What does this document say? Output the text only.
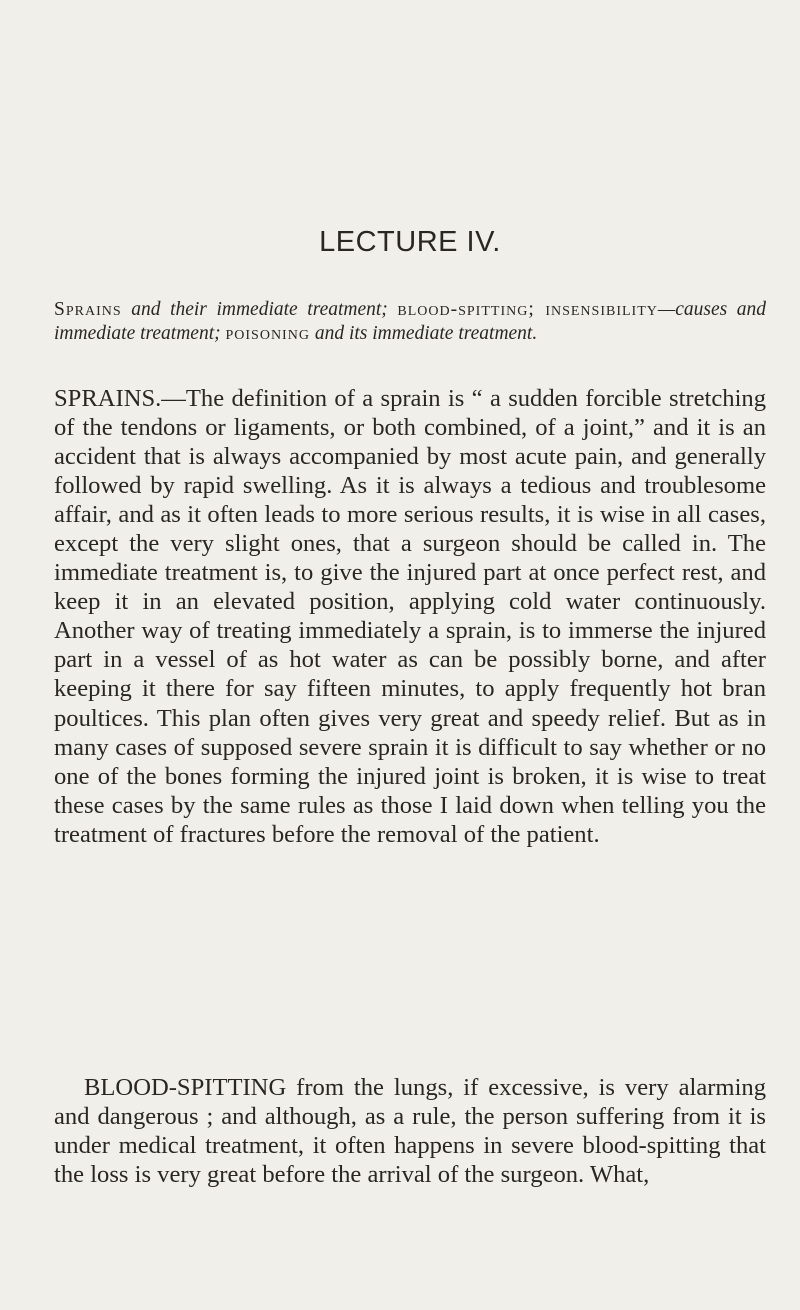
LECTURE IV.

Sprains and their immediate treatment; blood-spitting; insensibility—causes and immediate treatment; poisoning and its immediate treatment.

SPRAINS.—The definition of a sprain is “ a sudden forcible stretching of the tendons or ligaments, or both combined, of a joint,” and it is an accident that is always accompanied by most acute pain, and generally followed by rapid swelling. As it is always a tedious and troublesome affair, and as it often leads to more serious results, it is wise in all cases, except the very slight ones, that a surgeon should be called in. The immediate treatment is, to give the injured part at once perfect rest, and keep it in an elevated position, applying cold water continuously. Another way of treating immediately a sprain, is to immerse the injured part in a vessel of as hot water as can be possibly borne, and after keeping it there for say fifteen minutes, to apply frequently hot bran poultices. This plan often gives very great and speedy relief. But as in many cases of supposed severe sprain it is difficult to say whether or no one of the bones forming the injured joint is broken, it is wise to treat these cases by the same rules as those I laid down when telling you the treatment of fractures before the removal of the patient.

BLOOD-SPITTING from the lungs, if excessive, is very alarming and dangerous ; and although, as a rule, the person suffering from it is under medical treatment, it often happens in severe blood-spitting that the loss is very great before the arrival of the surgeon. What,
